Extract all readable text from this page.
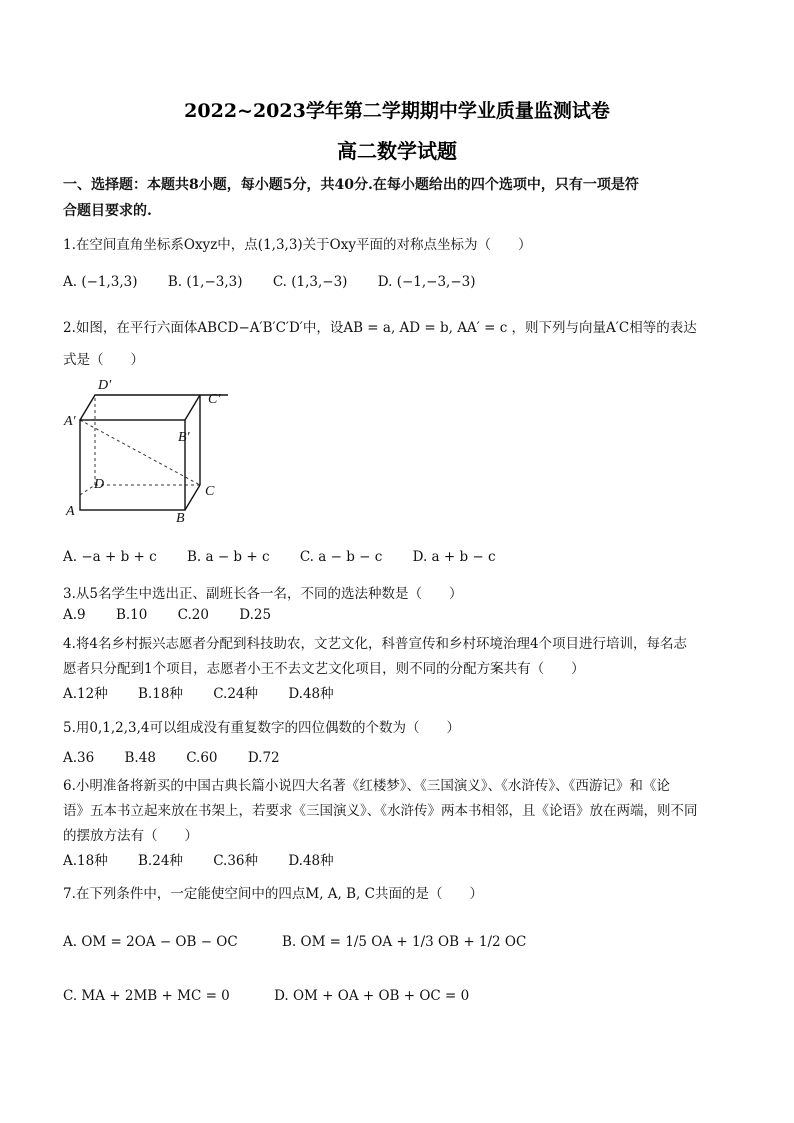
2022~2023学年第二学期期中学业质量监测试卷
高二数学试题
一、选择题：本题共8小题，每小题5分，共40分.在每小题给出的四个选项中，只有一项是符
合题目要求的.
1.在空间直角坐标系Oxyz中，点(1,3,3)关于Oxy平面的对称点坐标为（　　）
A. (−1,3,3) B. (1,−3,3) C. (1,3,−3) D. (−1,−3,−3)
2.如图，在平行六面体ABCD−A′B′C′D′中，设AB = a, AD = b, AA′ = c ，则下列与向量A′C相等的表达
式是（　　）
D′
C′
A′
B′
D	C
A	B
A. −a + b + c B. a − b + c C. a − b − c D. a + b − c
3.从5名学生中选出正、副班长各一名，不同的选法种数是（　　）
A.9 B.10 C.20 D.25
4.将4名乡村振兴志愿者分配到科技助农，文艺文化，科普宣传和乡村环境治理4个项目进行培训，每名志
愿者只分配到1个项目，志愿者小王不去文艺文化项目，则不同的分配方案共有（　　）
A.12种 B.18种 C.24种 D.48种
5.用0,1,2,3,4可以组成没有重复数字的四位偶数的个数为（　　）
A.36 B.48 C.60 D.72
6.小明准备将新买的中国古典长篇小说四大名著《红楼梦》、《三国演义》、《水浒传》、《西游记》和《论
语》五本书立起来放在书架上，若要求《三国演义》、《水浒传》两本书相邻，且《论语》放在两端，则不同
的摆放方法有（　　）
A.18种 B.24种 C.36种 D.48种
7.在下列条件中，一定能使空间中的四点M, A, B, C共面的是（　　）
A. OM = 2OA − OB − OC	B. OM = 1/5 OA + 1/3 OB + 1/2 OC
C. MA + 2MB + MC = 0	D. OM + OA + OB + OC = 0
